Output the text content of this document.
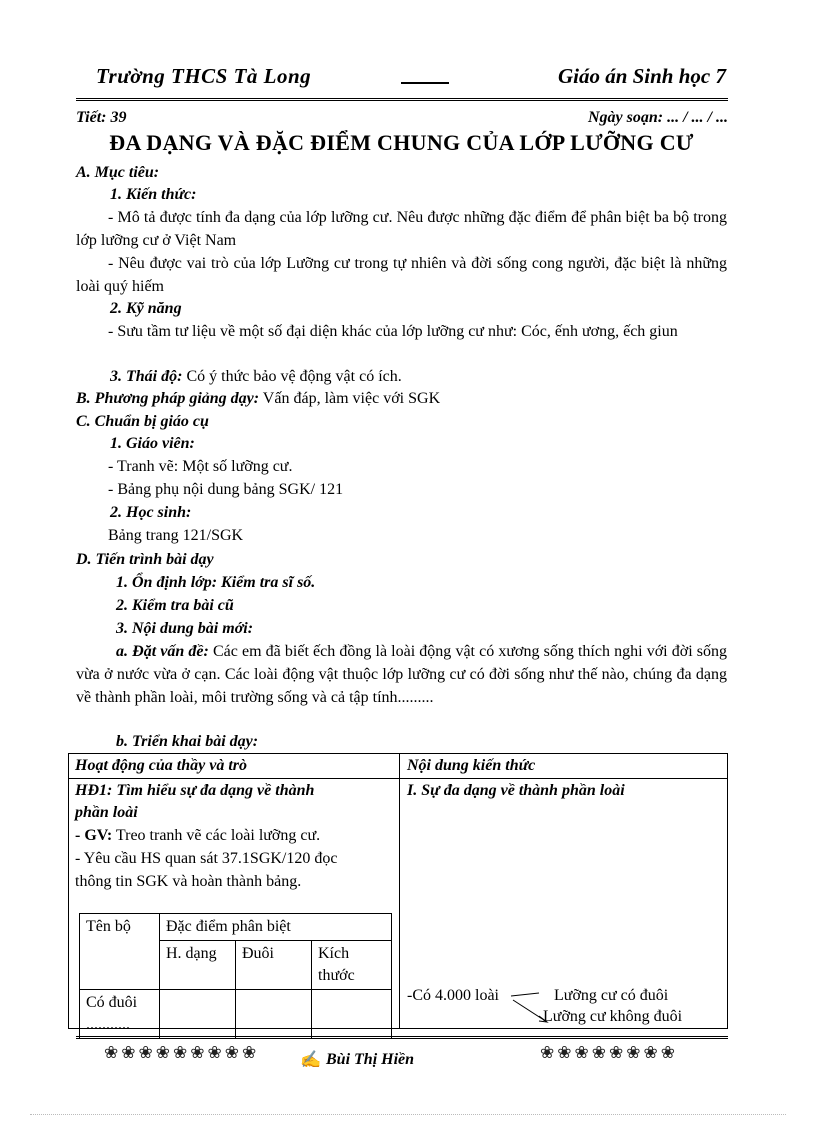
Trường THCS Tà Long	Giáo án Sinh học 7
Tiết: 39	Ngày soạn: ... / ... / ...
ĐA DẠNG VÀ ĐẶC ĐIỂM CHUNG CỦA LỚP LƯỠNG CƯ
A. Mục tiêu:
1. Kiến thức:
- Mô tả được tính đa dạng của lớp lưỡng cư. Nêu được những đặc điểm để phân biệt ba bộ trong lớp lưỡng cư ở Việt Nam
- Nêu được vai trò của lớp Lưỡng cư trong tự nhiên và đời sống cong người, đặc biệt là những loài quý hiếm
2. Kỹ năng
- Sưu tầm tư liệu về một số đại diện khác của lớp lưỡng cư như: Cóc, ếnh ương, ếch giun
3. Thái độ: Có ý thức bảo vệ động vật có ích.
B. Phương pháp giảng dạy: Vấn đáp, làm việc với SGK
C. Chuẩn bị giáo cụ
1. Giáo viên:
- Tranh vẽ: Một số lưỡng cư.
- Bảng phụ nội dung bảng SGK/ 121
2. Học sinh:
Bảng trang 121/SGK
D. Tiến trình bài dạy
1. Ổn định lớp: Kiểm tra sĩ số.
2. Kiểm tra bài cũ
3. Nội dung bài mới:
a. Đặt vấn đề: Các em đã biết ếch đồng là loài động vật có xương sống thích nghi với đời sống vừa ở nước vừa ở cạn. Các loài động vật thuộc lớp lưỡng cư có đời sống như thế nào, chúng đa dạng về thành phần loài, môi trường sống và cả tập tính.........
b. Triển khai bài dạy:
Hoạt động của thầy và trò	Nội dung kiến thức
HĐ1: Tìm hiểu sự đa dạng về thành
phần loài
- GV: Treo tranh vẽ các loài lưỡng cư.
- Yêu cầu HS quan sát 37.1SGK/120 đọc
thông tin SGK và hoàn thành bảng.
Tên bộ	Đặc điểm phân biệt		
	H. dạng	Đuôi	Kích
thước

Có đuôi
...........			

I. Sự đa dạng về thành phần loài
-Có 4.000 loài	Lưỡng cư có đuôi
Lưỡng cư không đuôi
❀❀❀❀❀❀❀❀❀	❀❀❀❀❀❀❀❀
✍ Bùi Thị Hiền
